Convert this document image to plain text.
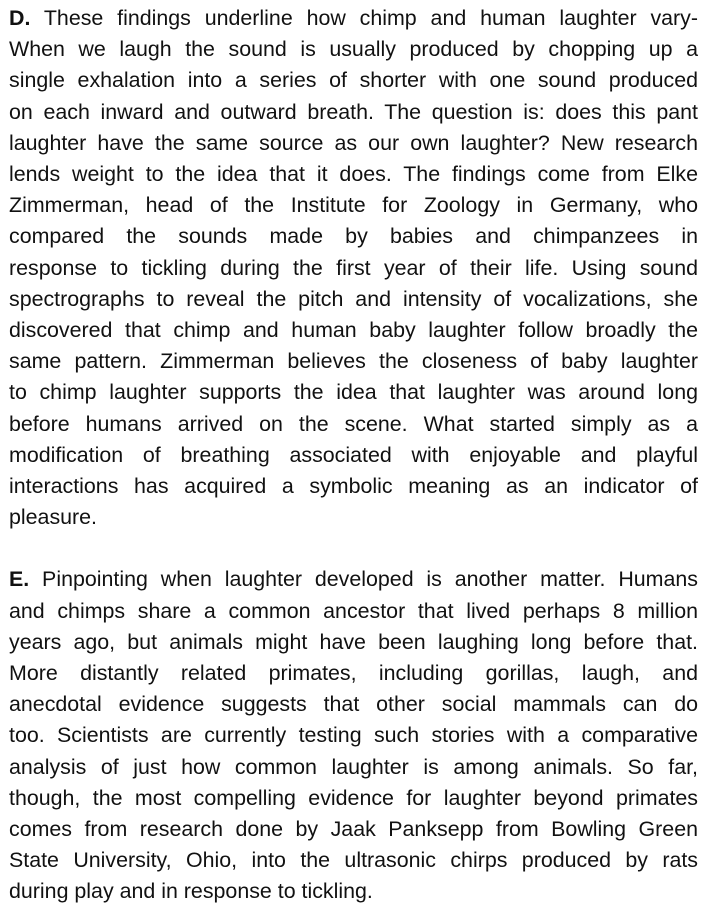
D. These findings underline how chimp and human laughter vary-
When we laugh the sound is usually produced by chopping up a
single exhalation into a series of shorter with one sound produced
on each inward and outward breath. The question is: does this pant
laughter have the same source as our own laughter? New research
lends weight to the idea that it does. The findings come from Elke
Zimmerman, head of the Institute for Zoology in Germany, who
compared the sounds made by babies and chimpanzees in
response to tickling during the first year of their life. Using sound
spectrographs to reveal the pitch and intensity of vocalizations, she
discovered that chimp and human baby laughter follow broadly the
same pattern. Zimmerman believes the closeness of baby laughter
to chimp laughter supports the idea that laughter was around long
before humans arrived on the scene. What started simply as a
modification of breathing associated with enjoyable and playful
interactions has acquired a symbolic meaning as an indicator of
pleasure.
E. Pinpointing when laughter developed is another matter. Humans
and chimps share a common ancestor that lived perhaps 8 million
years ago, but animals might have been laughing long before that.
More distantly related primates, including gorillas, laugh, and
anecdotal evidence suggests that other social mammals can do
too. Scientists are currently testing such stories with a comparative
analysis of just how common laughter is among animals. So far,
though, the most compelling evidence for laughter beyond primates
comes from research done by Jaak Panksepp from Bowling Green
State University, Ohio, into the ultrasonic chirps produced by rats
during play and in response to tickling.
